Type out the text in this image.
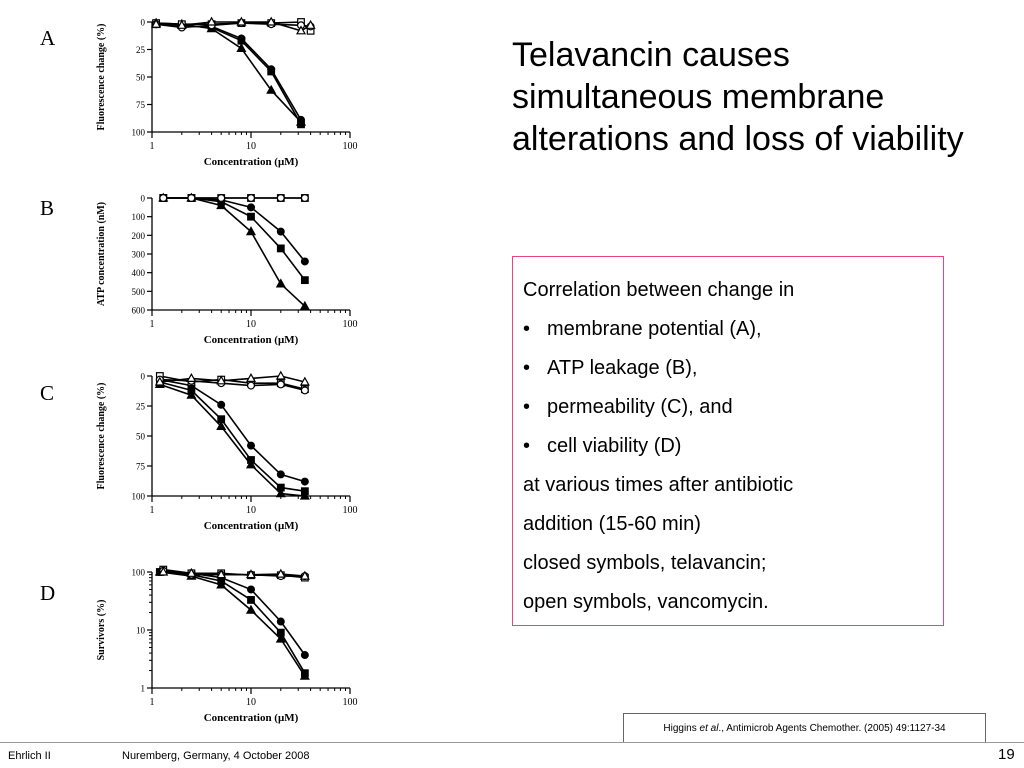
A
B
C
D
1	10	100
0
25
50
75
100
Concentration (μM)
Fluorescence change (%)
1	10	100
0
100
200
300
400
500
600
Concentration (μM)
ATP concentration (nM)
1	10	100
0
25
50
75
100
Concentration (μM)
Fluorescence change (%)
1	10	100
1
10
100
Concentration (μM)
Survivors (%)
Telavancin causes simultaneous membrane alterations and loss of viability
Correlation between change in
• membrane potential (A),
• ATP leakage (B),
• permeability (C), and
• cell viability (D)
at various times after antibiotic
addition (15-60 min)
closed symbols, telavancin;
open symbols, vancomycin.
Higgins
et al ., Antimicrob Agents Chemother. (2005) 49:1127-34
Ehrlich II	Nuremberg, Germany, 4 October 2008	19
